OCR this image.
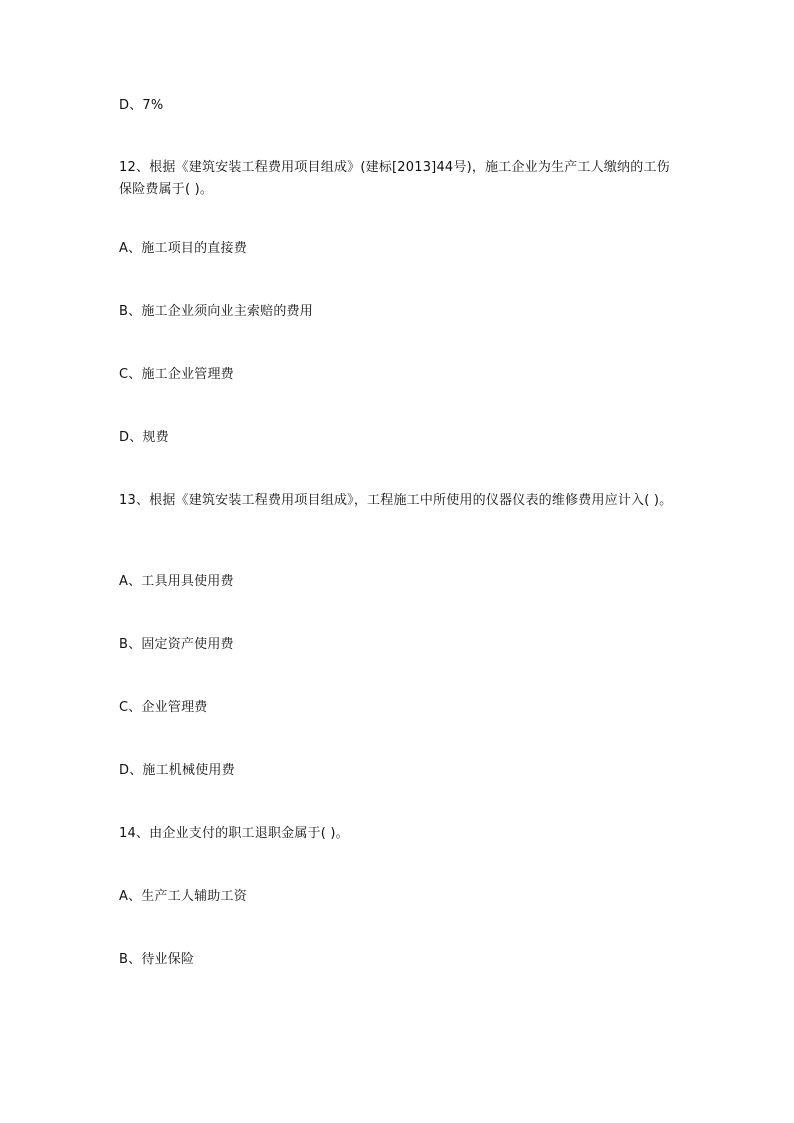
D、7%
12、根据《建筑安装工程费用项目组成》(建标[2013]44号)，施工企业为生产工人缴纳的工伤保险费属于( )。
A、施工项目的直接费
B、施工企业须向业主索赔的费用
C、施工企业管理费
D、规费
13、根据《建筑安装工程费用项目组成》，工程施工中所使用的仪器仪表的维修费用应计入( )。
A、工具用具使用费
B、固定资产使用费
C、企业管理费
D、施工机械使用费
14、由企业支付的职工退职金属于( )。
A、生产工人辅助工资
B、待业保险
